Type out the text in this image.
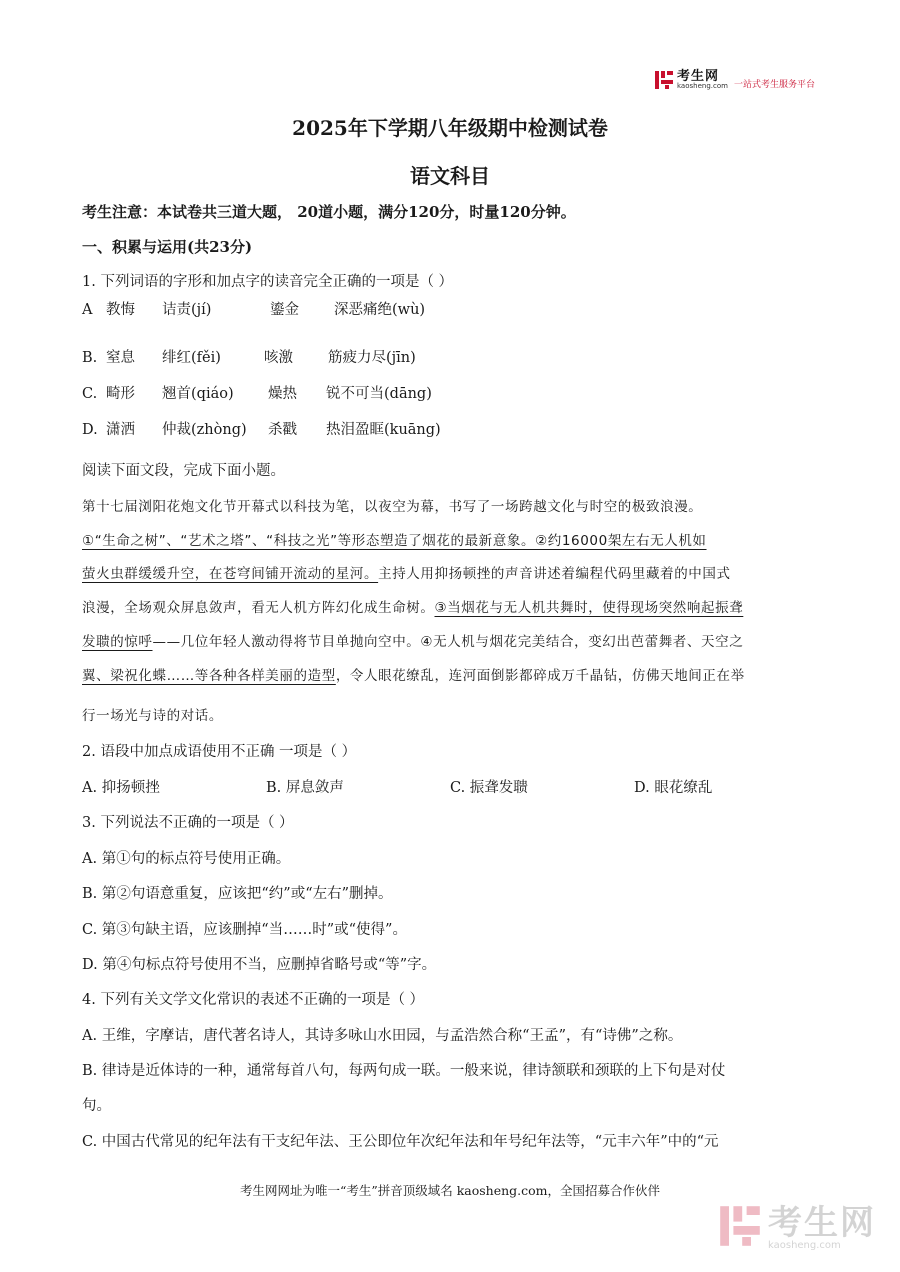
考生网
kaosheng.com 一站式考生服务平台
2025年下学期八年级期中检测试卷
语文科目
考生注意：本试卷共三道大题， 20道小题，满分120分，时量120分钟。
一、积累与运用(共23分)
1. 下列词语的字形和加点字的读音完全正确的一项是（ ）
A 教悔 诘责(jí)	鎏金 深恶痛绝(wù)
B. 窒息 绯红(fěi)	咳激 筋疲力尽(jīn)
C. 畸形 翘首(qiáo) 燥热 锐不可当(dāng)
D. 潇洒 仲裁(zhòng) 杀戳 热泪盈眶(kuāng)
阅读下面文段，完成下面小题。
第十七届浏阳花炮文化节开幕式以科技为笔，以夜空为幕，书写了一场跨越文化与时空的极致浪漫。
①“生命之树”、“艺术之塔”、“科技之光”等形态塑造了烟花的最新意象。②约16000架左右无人机如
萤火虫群缓缓升空，在苍穹间铺开流动的星河。主持人用抑扬顿挫的声音讲述着编程代码里藏着的中国式
浪漫，全场观众屏息敛声，看无人机方阵幻化成生命树。③当烟花与无人机共舞时，使得现场突然响起振聋
发聩的惊呼——几位年轻人激动得将节目单抛向空中。④无人机与烟花完美结合，变幻出芭蕾舞者、天空之
翼、梁祝化蝶……等各种各样美丽的造型，令人眼花缭乱，连河面倒影都碎成万千晶钻，仿佛天地间正在举
行一场光与诗的对话。
2. 语段中加点成语使用不正确 一项是（ ）
A. 抑扬顿挫	B. 屏息敛声	C. 振聋发聩	D. 眼花缭乱
3. 下列说法不正确的一项是（ ）
A. 第①句的标点符号使用正确。
B. 第②句语意重复，应该把“约”或“左右”删掉。
C. 第③句缺主语，应该删掉“当……时”或“使得”。
D. 第④句标点符号使用不当，应删掉省略号或“等”字。
4. 下列有关文学文化常识的表述不正确的一项是（ ）
A. 王维，字摩诘，唐代著名诗人，其诗多咏山水田园，与孟浩然合称“王孟”，有“诗佛”之称。
B. 律诗是近体诗的一种，通常每首八句，每两句成一联。一般来说，律诗颔联和颈联的上下句是对仗
句。
C. 中国古代常见的纪年法有干支纪年法、王公即位年次纪年法和年号纪年法等，“元丰六年”中的“元
考生网网址为唯一“考生”拼音顶级域名 kaosheng.com，全国招募合作伙伴
考生网
kaosheng.com
